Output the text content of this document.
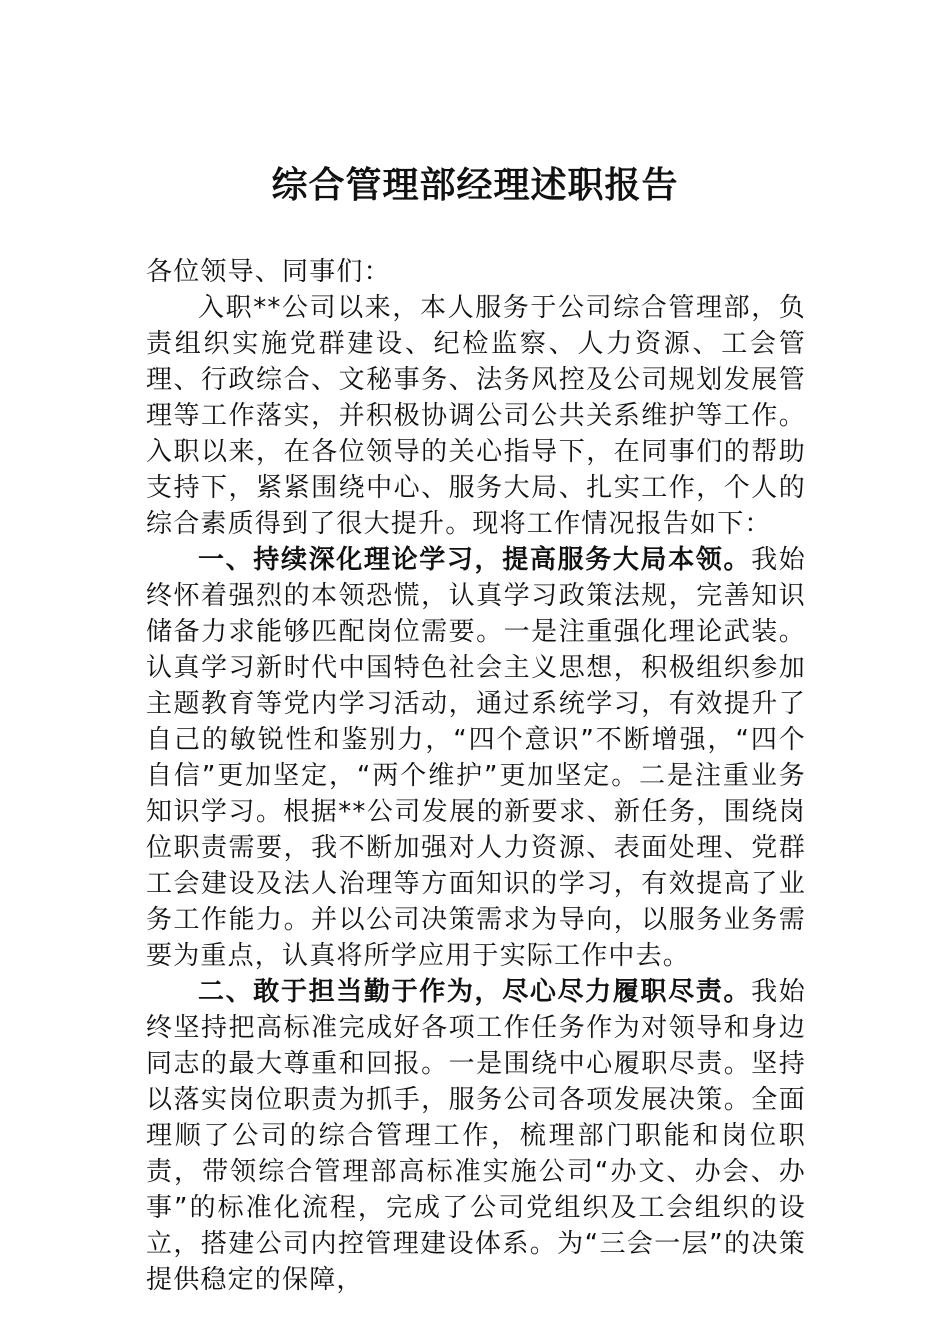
综合管理部经理述职报告

各位领导、同事们：

入职**公司以来，本人服务于公司综合管理部，负责组织实施党群建设、纪检监察、人力资源、工会管理、行政综合、文秘事务、法务风控及公司规划发展管理等工作落实，并积极协调公司公共关系维护等工作。入职以来，在各位领导的关心指导下，在同事们的帮助支持下，紧紧围绕中心、服务大局、扎实工作，个人的综合素质得到了很大提升。现将工作情况报告如下：

一、持续深化理论学习，提高服务大局本领。我始终怀着强烈的本领恐慌，认真学习政策法规，完善知识储备力求能够匹配岗位需要。一是注重强化理论武装。认真学习新时代中国特色社会主义思想，积极组织参加主题教育等党内学习活动，通过系统学习，有效提升了自己的敏锐性和鉴别力，“四个意识”不断增强，“四个自信”更加坚定，“两个维护”更加坚定。二是注重业务知识学习。根据**公司发展的新要求、新任务，围绕岗位职责需要，我不断加强对人力资源、表面处理、党群工会建设及法人治理等方面知识的学习，有效提高了业务工作能力。并以公司决策需求为导向，以服务业务需要为重点，认真将所学应用于实际工作中去。

二、敢于担当勤于作为，尽心尽力履职尽责。我始终坚持把高标准完成好各项工作任务作为对领导和身边同志的最大尊重和回报。一是围绕中心履职尽责。坚持以落实岗位职责为抓手，服务公司各项发展决策。全面理顺了公司的综合管理工作，梳理部门职能和岗位职责，带领综合管理部高标准实施公司“办文、办会、办事”的标准化流程，完成了公司党组织及工会组织的设立，搭建公司内控管理建设体系。为“三会一层”的决策提供稳定的保障，
